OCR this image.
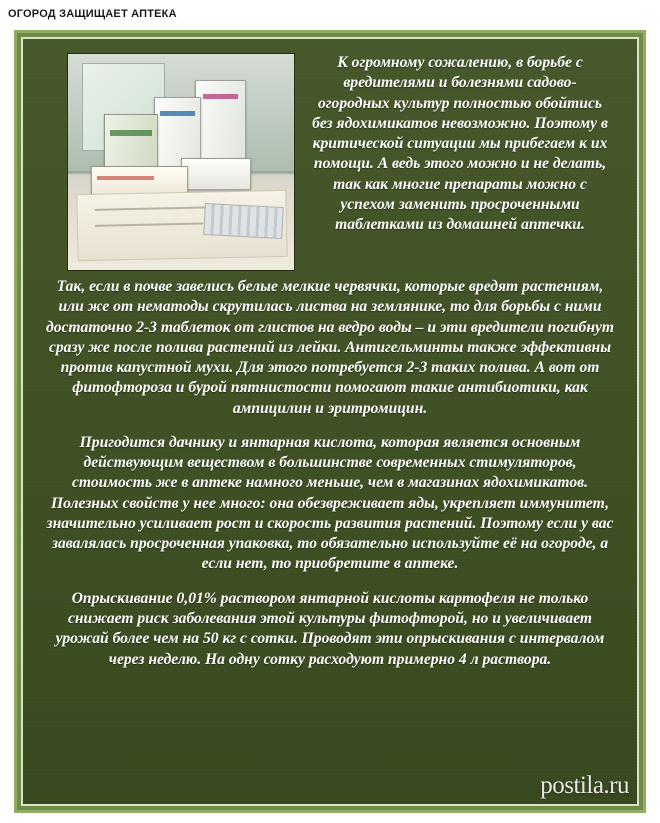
ОГОРОД ЗАЩИЩАЕТ АПТЕКА

К огромному сожалению, в борьбе с вредителями и болезнями садово-огородных культур полностью обойтись без ядохимикатов невозможно. Поэтому в критической ситуации мы прибегаем к их помощи. А ведь этого можно и не делать, так как многие препараты можно с успехом заменить просроченными таблетками из домашней аптечки.

Так, если в почве завелись белые мелкие червячки, которые вредят растениям, или же от нематоды скрутилась листва на землянике, то для борьбы с ними достаточно 2-3 таблеток от глистов на ведро воды – и эти вредители погибнут сразу же после полива растений из лейки. Антигельминты также эффективны против капустной мухи. Для этого потребуется 2-3 таких полива. А вот от фитофтороза и бурой пятнистости помогают такие антибиотики, как ампицилин и эритромицин.

Пригодится дачнику и янтарная кислота, которая является основным действующим веществом в большинстве современных стимуляторов, стоимость же в аптеке намного меньше, чем в магазинах ядохимикатов. Полезных свойств у нее много: она обезвреживает яды, укрепляет иммунитет, значительно усиливает рост и скорость развития растений. Поэтому если у вас завалялась просроченная упаковка, то обязательно используйте её на огороде, а если нет, то приобретите в аптеке.

Опрыскивание 0,01% раствором янтарной кислоты картофеля не только снижает риск заболевания этой культуры фитофторой, но и увеличивает урожай более чем на 50 кг с сотки. Проводят эти опрыскивания с интервалом через неделю. На одну сотку расходуют примерно 4 л раствора.

postila.ru
